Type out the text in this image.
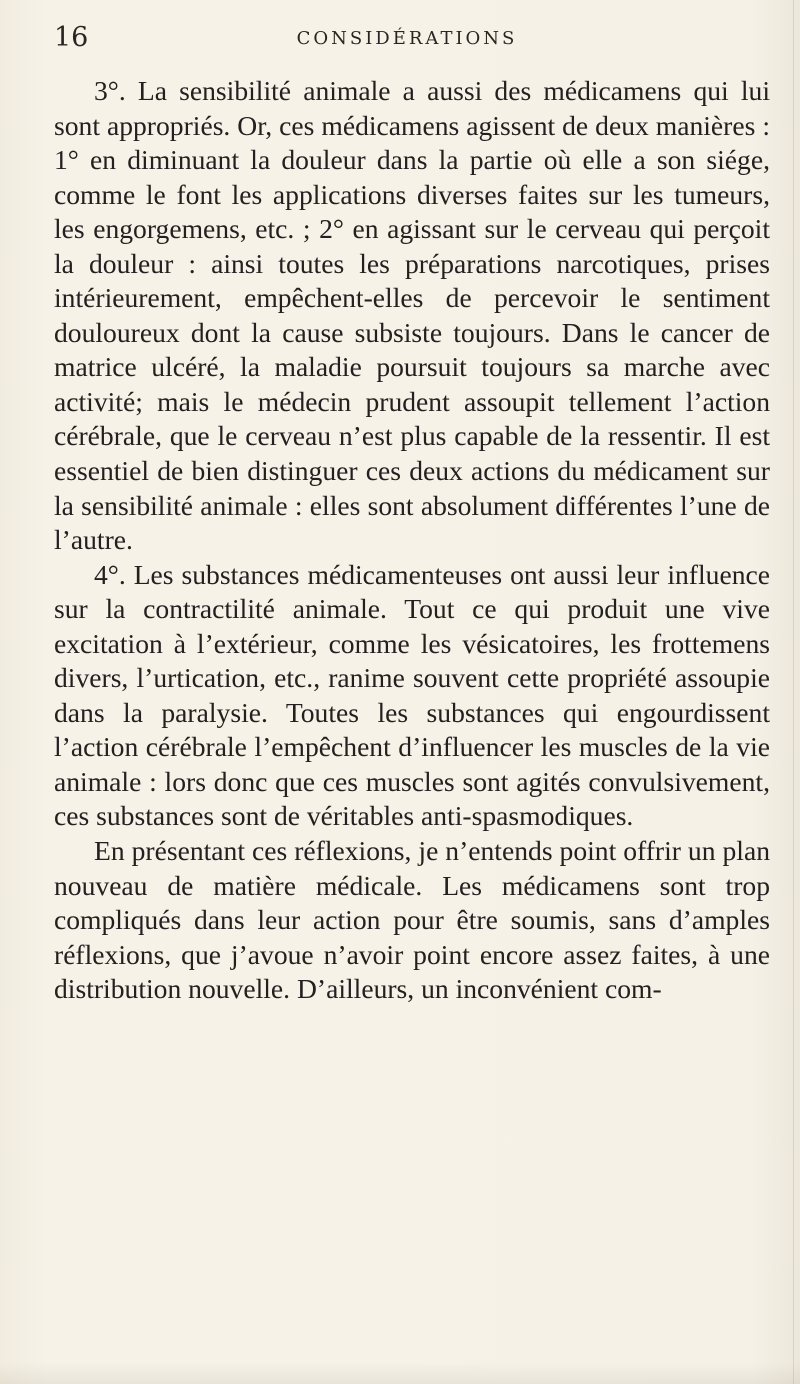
16	CONSIDÉRATIONS

3°. La sensibilité animale a aussi des médicamens qui lui sont appropriés. Or, ces médicamens agissent de deux manières : 1° en diminuant la douleur dans la partie où elle a son siége, comme le font les applications diverses faites sur les tumeurs, les engorgemens, etc. ; 2° en agissant sur le cerveau qui perçoit la douleur : ainsi toutes les préparations narcotiques, prises intérieurement, empêchent-elles de percevoir le sentiment douloureux dont la cause subsiste toujours. Dans le cancer de matrice ulcéré, la maladie poursuit toujours sa marche avec activité; mais le médecin prudent assoupit tellement l’action cérébrale, que le cerveau n’est plus capable de la ressentir. Il est essentiel de bien distinguer ces deux actions du médicament sur la sensibilité animale : elles sont absolument différentes l’une de l’autre.

4°. Les substances médicamenteuses ont aussi leur influence sur la contractilité animale. Tout ce qui produit une vive excitation à l’extérieur, comme les vésicatoires, les frottemens divers, l’urtication, etc., ranime souvent cette propriété assoupie dans la paralysie. Toutes les substances qui engourdissent l’action cérébrale l’empêchent d’influencer les muscles de la vie animale : lors donc que ces muscles sont agités convulsivement, ces substances sont de véritables anti-spasmodiques.

En présentant ces réflexions, je n’entends point offrir un plan nouveau de matière médicale. Les médicamens sont trop compliqués dans leur action pour être soumis, sans d’amples réflexions, que j’avoue n’avoir point encore assez faites, à une distribution nouvelle. D’ailleurs, un inconvénient com-
